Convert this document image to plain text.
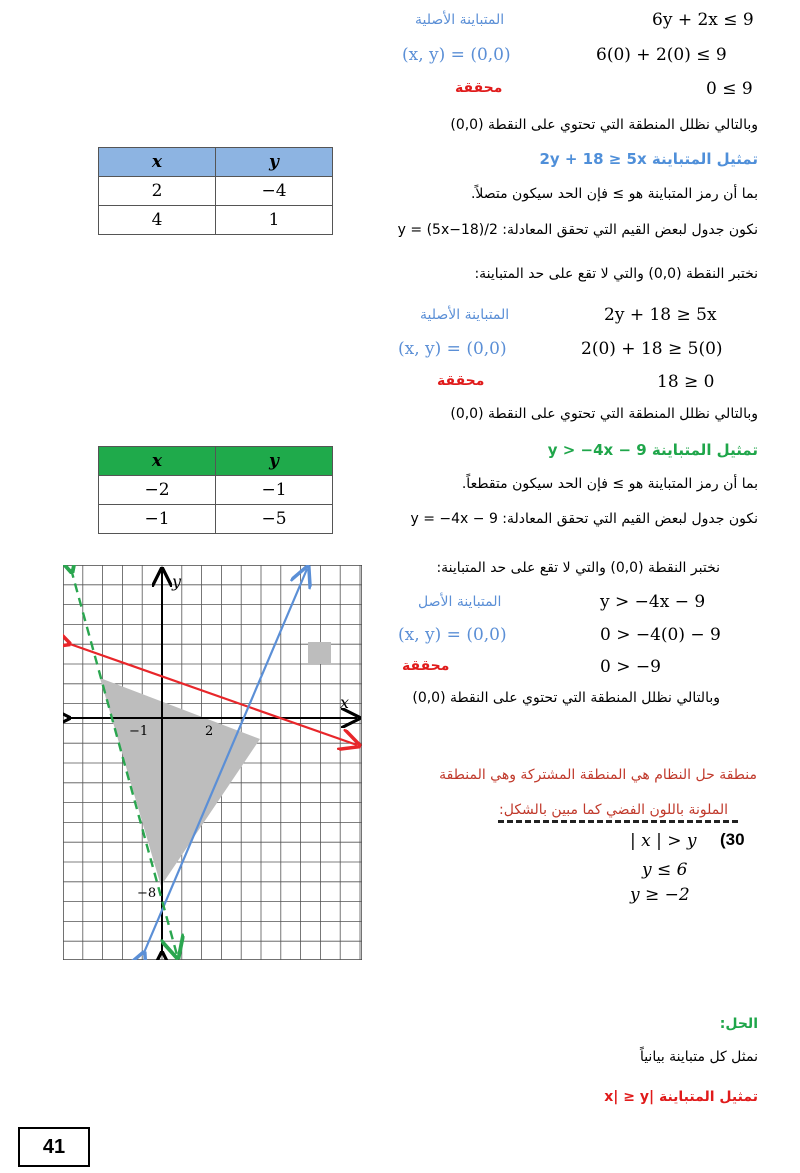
6y + 2x ≤ 9
المتباينة الأصلية
6(0) + 2(0) ≤ 9
(x, y) = (0,0)
0 ≤ 9
محققة
وبالتالي نظلل المنطقة التي تحتوي على النقطة (0,0)
تمثيل المتباينة 2y + 18 ≥ 5x
بما أن رمز المتباينة هو ≥ فإن الحد سيكون متصلاً.
نكون جدول لبعض القيم التي تحقق المعادلة: y = (5x−18)/2
نختبر النقطة (0,0) والتي لا تقع على حد المتباينة:
2y + 18 ≥ 5x
المتباينة الأصلية
2(0) + 18 ≥ 5(0)
(x, y) = (0,0)
18 ≥ 0
محققة
وبالتالي نظلل المنطقة التي تحتوي على النقطة (0,0)
x	y
2	−4
4	1
تمثيل المتباينة y > −4x − 9
بما أن رمز المتباينة هو ≥ فإن الحد سيكون متقطعاً.
نكون جدول لبعض القيم التي تحقق المعادلة: y = −4x − 9
نختبر النقطة (0,0) والتي لا تقع على حد المتباينة:
y > −4x − 9
المتباينة الأصل
0 > −4(0) − 9
(x, y) = (0,0)
0 > −9
محققة
وبالتالي نظلل المنطقة التي تحتوي على النقطة (0,0)
x	y
−2	−1
−1	−5
x
y
−1	2
−8
منطقة حل النظام هي المنطقة المشتركة وهي المنطقة
الملونة باللون الفضي كما مبين بالشكل:
(30
| x | > y
y ≤ 6
y ≥ −2
الحل:
نمثل كل متباينة بيانياً
تمثيل المتباينة |x| ≥ y
41
